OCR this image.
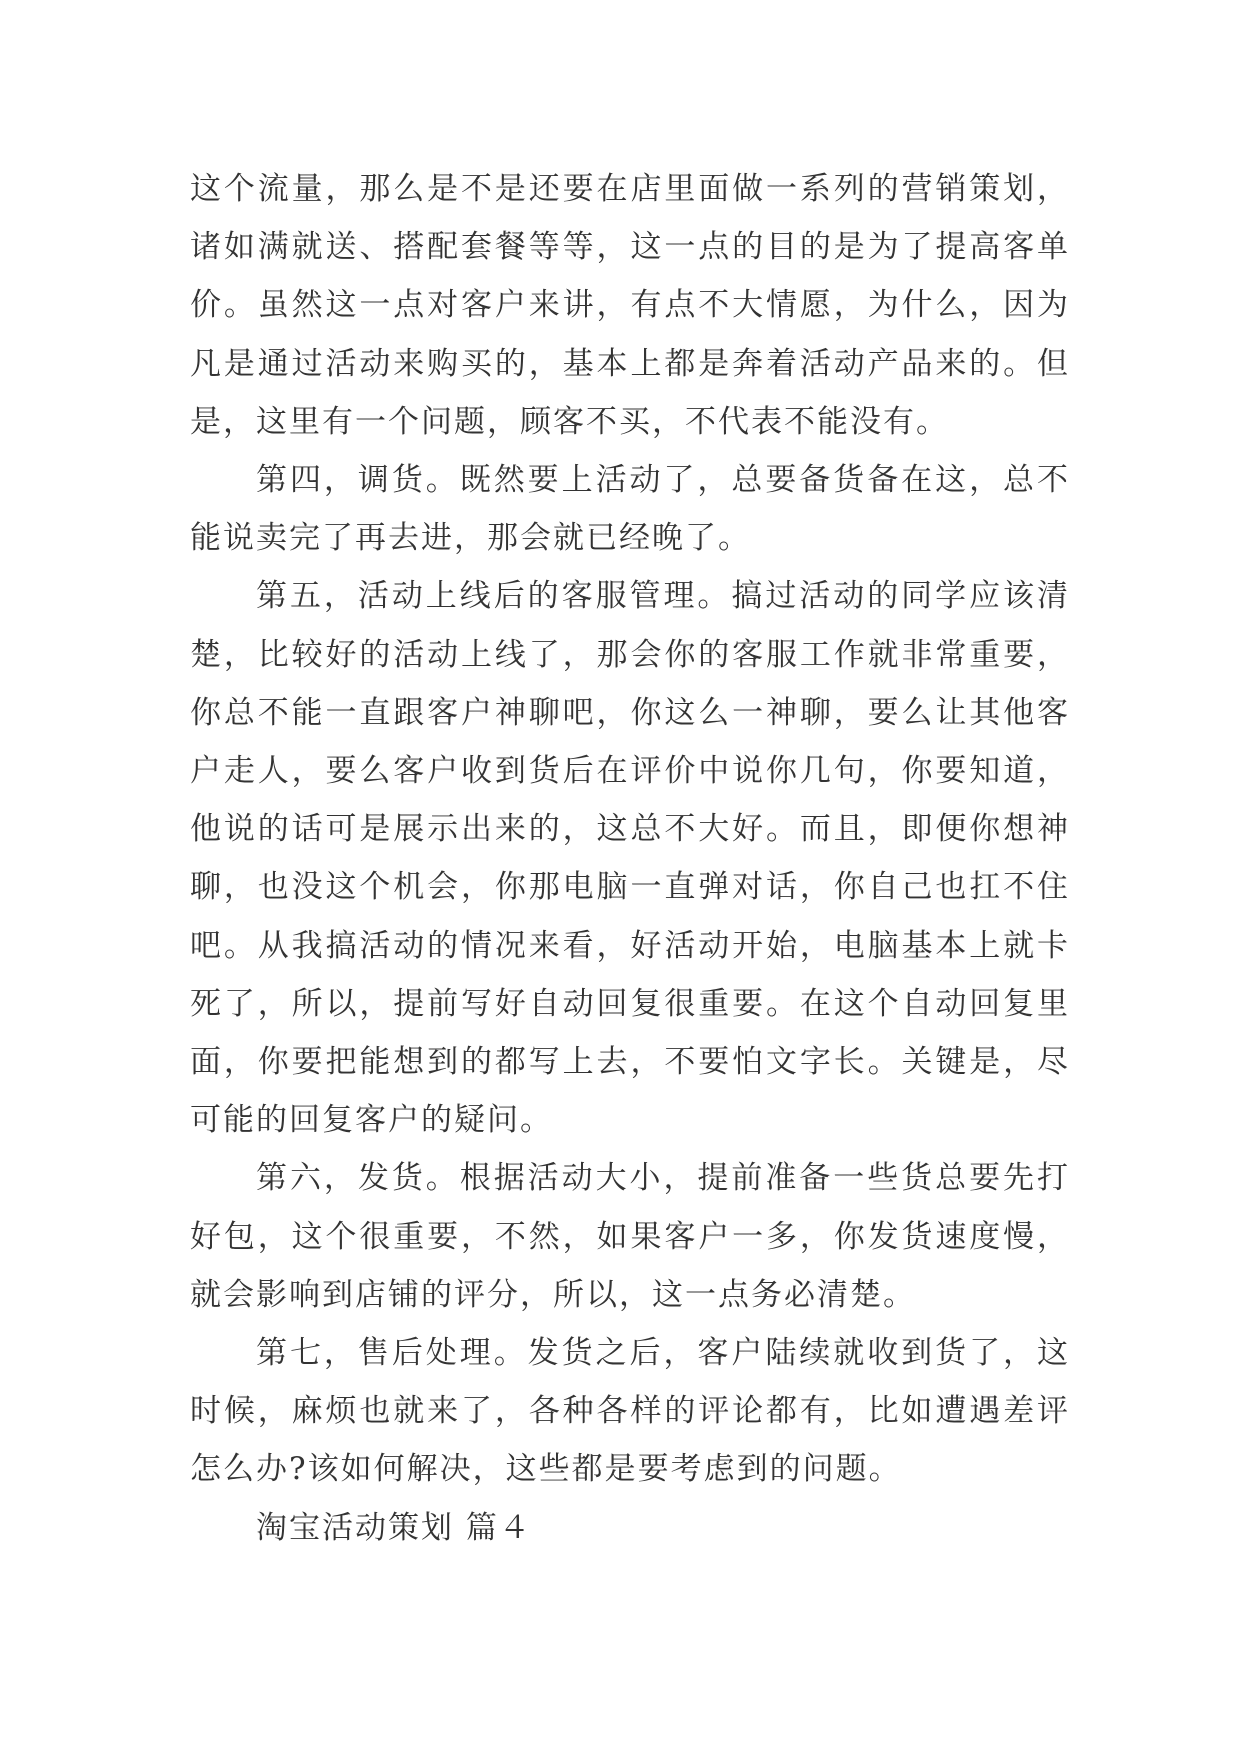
这个流量，那么是不是还要在店里面做一系列的营销策划，诸如满就送、搭配套餐等等，这一点的目的是为了提高客单价。虽然这一点对客户来讲，有点不大情愿，为什么，因为凡是通过活动来购买的，基本上都是奔着活动产品来的。但是，这里有一个问题，顾客不买，不代表不能没有。

第四，调货。既然要上活动了，总要备货备在这，总不能说卖完了再去进，那会就已经晚了。

第五，活动上线后的客服管理。搞过活动的同学应该清楚，比较好的活动上线了，那会你的客服工作就非常重要，你总不能一直跟客户神聊吧，你这么一神聊，要么让其他客户走人，要么客户收到货后在评价中说你几句，你要知道，他说的话可是展示出来的，这总不大好。而且，即便你想神聊，也没这个机会，你那电脑一直弹对话，你自己也扛不住吧。从我搞活动的情况来看，好活动开始，电脑基本上就卡死了，所以，提前写好自动回复很重要。在这个自动回复里面，你要把能想到的都写上去，不要怕文字长。关键是，尽可能的回复客户的疑问。

第六，发货。根据活动大小，提前准备一些货总要先打好包，这个很重要，不然，如果客户一多，你发货速度慢，就会影响到店铺的评分，所以，这一点务必清楚。

第七，售后处理。发货之后，客户陆续就收到货了，这时候，麻烦也就来了，各种各样的评论都有，比如遭遇差评怎么办?该如何解决，这些都是要考虑到的问题。

淘宝活动策划 篇４
